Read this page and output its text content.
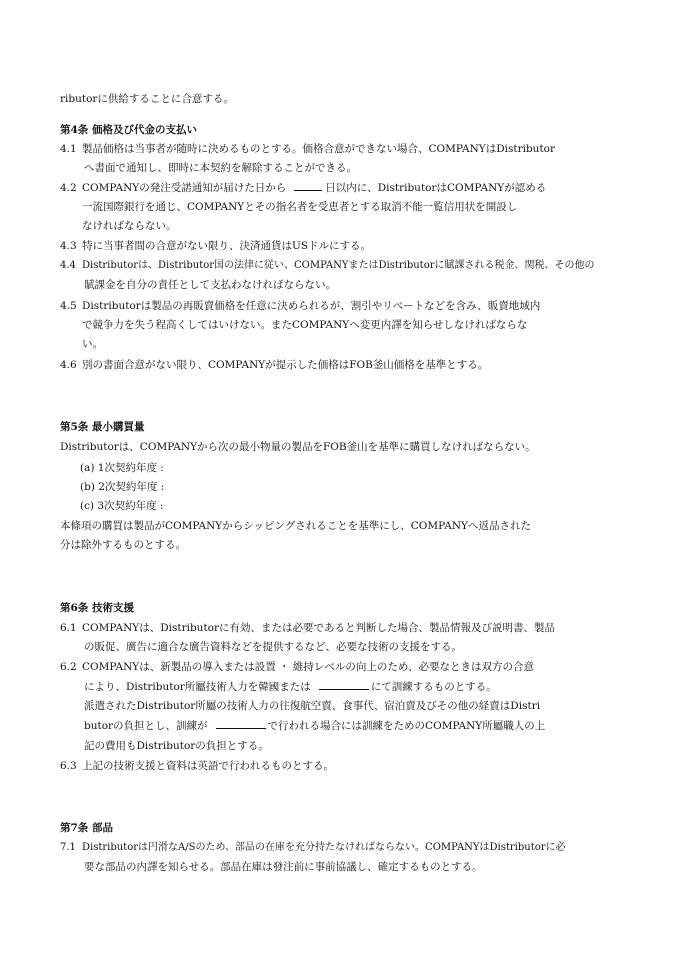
ributorに供給することに合意する。
第4条 価格及び代金の支払い
4.1 製品価格は当事者が随時に決めるものとする。価格合意ができない場合、COMPANYはDistributor
へ書面で通知し、即時に本契約を解除することができる。
4.2 COMPANYの発注受諾通知が届けた日から	日以内に、DistributorはCOMPANYが認める
一流国際銀行を通じ、COMPANYとその指名者を受恵者とする取消不能一覧信用状を開設し
なければならない。
4.3 特に当事者間の合意がない限り、決済通貨はUSドルにする。
4.4 Distributorは、Distributor国の法律に従い、COMPANYまたはDistributorに賦課される税金、関税、その他の
賦課金を自分の責任として支払わなければならない。
4.5 Distributorは製品の再販賣価格を任意に決められるが、割引やリベートなどを含み、販賣地域内
で競争力を失う程高くしてはいけない。またCOMPANYへ変更内譯を知らせしなければならな
い。
4.6 別の書面合意がない限り、COMPANYが提示した価格はFOB釜山価格を基準とする。
第5条 最小購買量
Distributorは、COMPANYから次の最小物量の製品をFOB釜山を基準に購買しなければならない。
(a) 1次契約年度 :
(b) 2次契約年度 :
(c) 3次契約年度 :
本條項の購買は製品がCOMPANYからシッピングされることを基準にし、COMPANYへ返品された
分は除外するものとする。
第6条 技術支援
6.1 COMPANYは、Distributorに有効、または必要であると判断した場合、製品情報及び説明書、製品
の販促、廣告に適合な廣告資料などを提供するなど、必要な技術の支援をする。
6.2 COMPANYは、新製品の導入または設置 ・ 維持レベルの向上のため、必要なときは双方の合意
により、Distributor所屬技術人力を韓國または	にて訓練するものとする。
派遣されたDistributor所屬の技術人力の往復航空賣、食事代、宿泊賣及びその他の経賣はDistri
butorの負担とし、訓練が	で行われる場合には訓練をためのCOMPANY所屬職人の上
記の費用もDistributorの負担とする。
6.3 上記の技術支援と資料は英語で行われるものとする。
第7条 部品
7.1 Distributorは円滑なA/Sのため、部品の在庫を充分持たなければならない。COMPANYはDistributorに必
要な部品の内譯を知らせる。部品在庫は發注前に事前協議し、確定するものとする。
